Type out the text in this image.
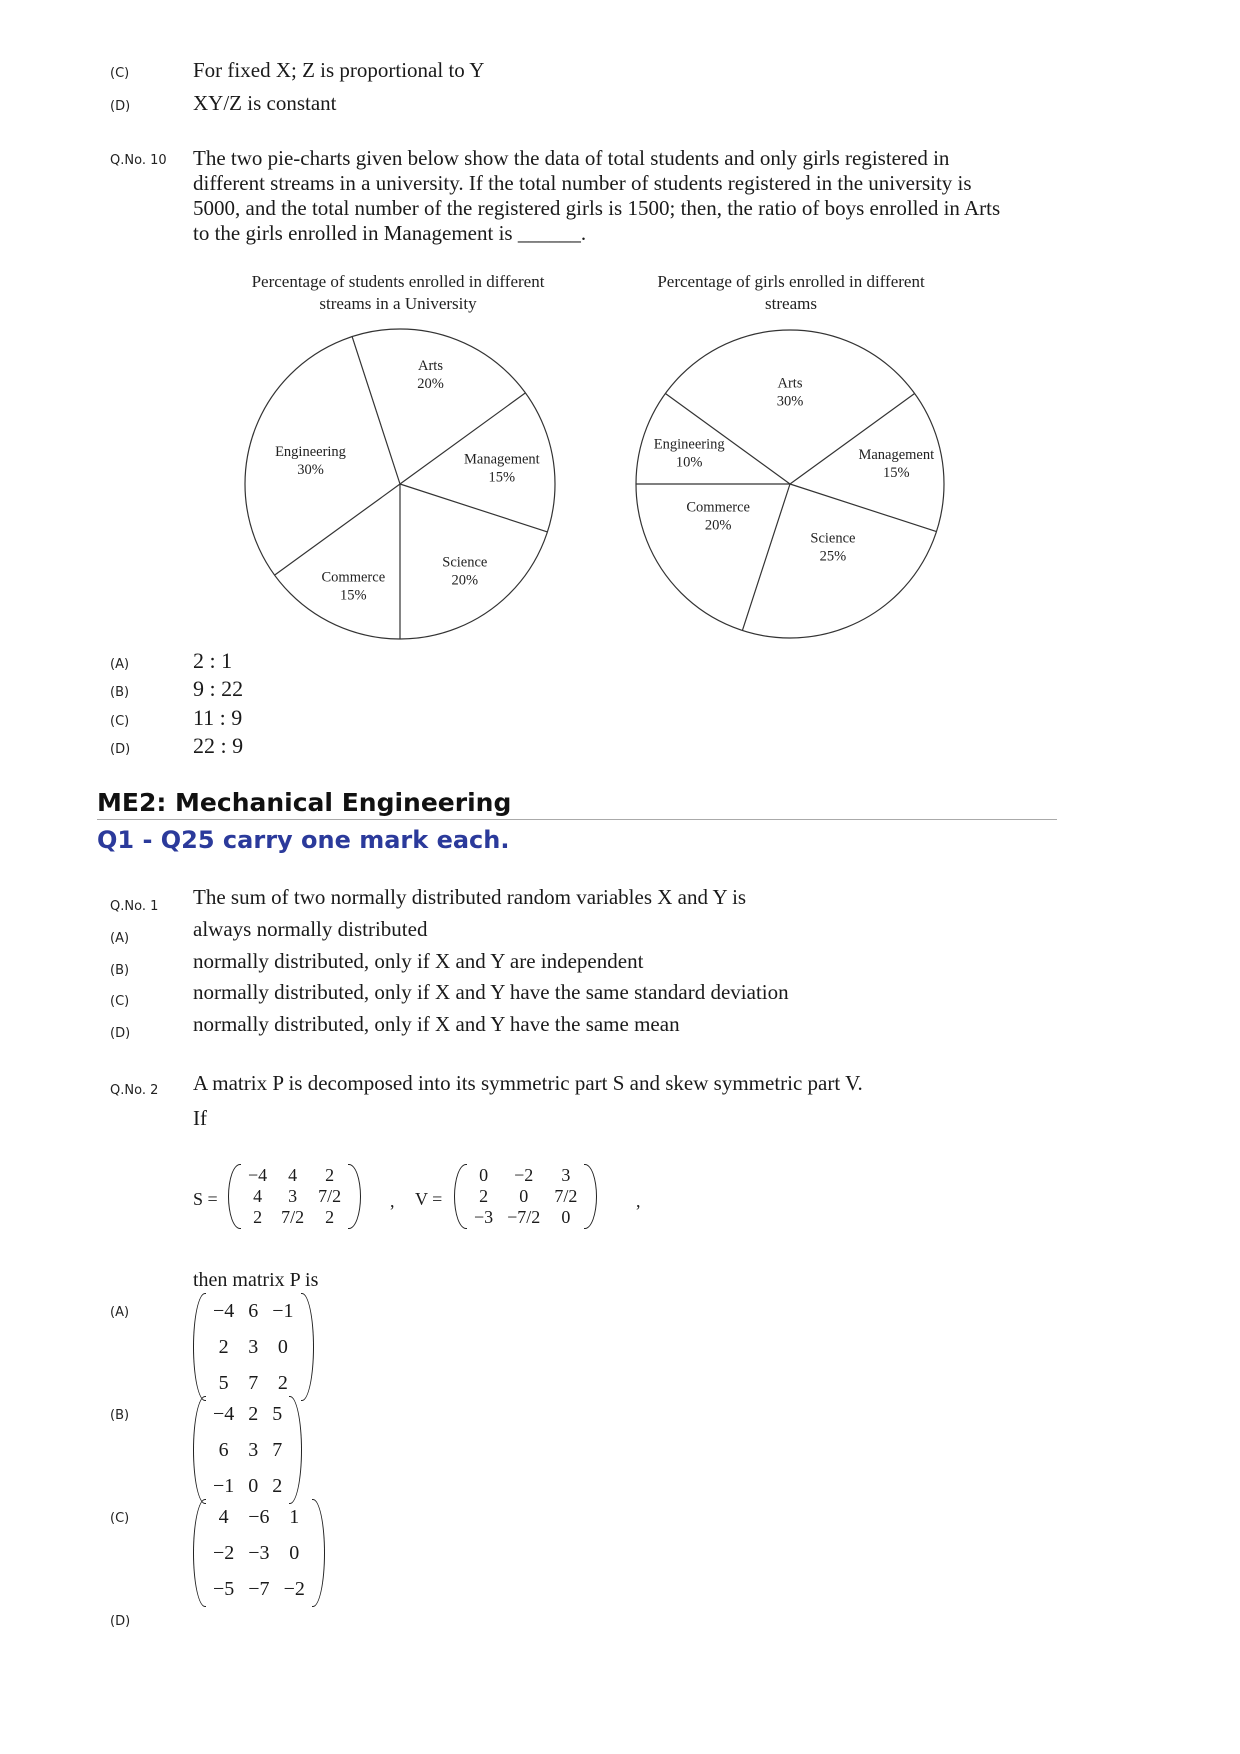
(C)	For fixed X; Z is proportional to Y
(D)	XY/Z is constant
Q.No. 10 The two pie-charts given below show the data of total students and only girls registered in different streams in a university. If the total number of students registered in the university is 5000, and the total number of the registered girls is 1500; then, the ratio of boys enrolled in Arts to the girls enrolled in Management is ______.
Percentage of students enrolled in different
streams in a University
Arts
20%
Management
15%
Science
20%
Commerce
15%
Engineering
30%
Percentage of girls enrolled in different
streams
Arts
30%
Management
15%
Science
25%
Commerce
20%
Engineering
10%
(A)	2 : 1
(B)	9 : 22
(C)	11 : 9
(D)	22 : 9
ME2: Mechanical Engineering
Q1 - Q25 carry one mark each.
Q.No. 1 The sum of two normally distributed random variables X and Y is
(A)	always normally distributed
(B)	normally distributed, only if X and Y are independent
(C)	normally distributed, only if X and Y have the same standard deviation
(D)	normally distributed, only if X and Y have the same mean
Q.No. 2 A matrix P is decomposed into its symmetric part S and skew symmetric part V.
If
S =
−4	4	2
4	3	7/2
2	7/2	2
, V =
0	−2	3
2	0	7/2
−3	−7/2	0
,
then matrix P is
(A)	−4	6	−1
2	3	0
5	7	2
(B)	−4	2	5
6	3	7
−1	0	2
(C)	4	−6	1
−2	−3	0
−5	−7	−2
(D)
